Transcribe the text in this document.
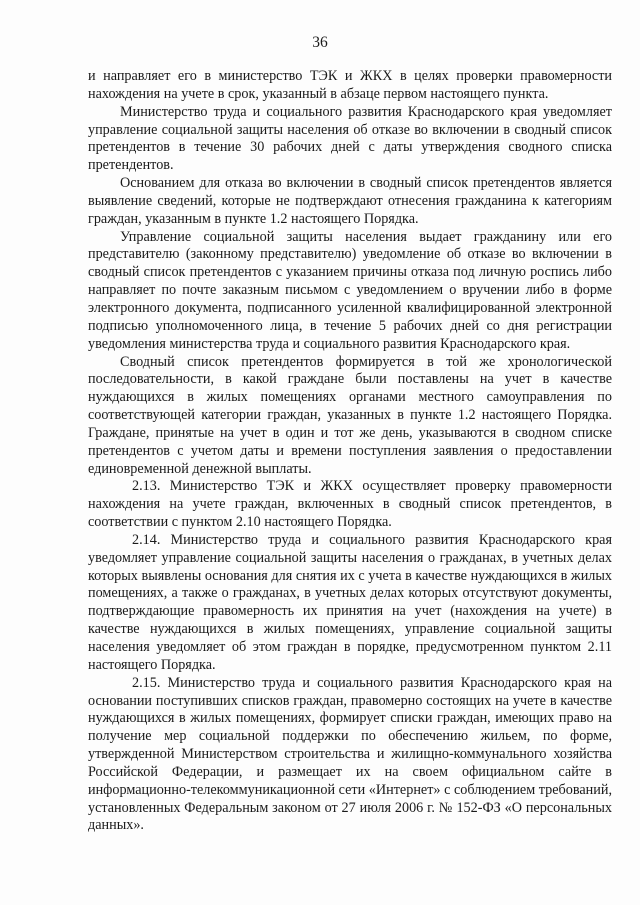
36

и направляет его в министерство ТЭК и ЖКХ в целях проверки правомерности нахождения на учете в срок, указанный в абзаце первом настоящего пункта.

Министерство труда и социального развития Краснодарского края уведомляет управление социальной защиты населения об отказе во включении в сводный список претендентов в течение 30 рабочих дней с даты утверждения сводного списка претендентов.

Основанием для отказа во включении в сводный список претендентов является выявление сведений, которые не подтверждают отнесения гражданина к категориям граждан, указанным в пункте 1.2 настоящего Порядка.

Управление социальной защиты населения выдает гражданину или его представителю (законному представителю) уведомление об отказе во включении в сводный список претендентов с указанием причины отказа под личную роспись либо направляет по почте заказным письмом с уведомлением о вручении либо в форме электронного документа, подписанного усиленной квалифицированной электронной подписью уполномоченного лица, в течение 5 рабочих дней со дня регистрации уведомления министерства труда и социального развития Краснодарского края.

Сводный список претендентов формируется в той же хронологической последовательности, в какой граждане были поставлены на учет в качестве нуждающихся в жилых помещениях органами местного самоуправления по соответствующей категории граждан, указанных в пункте 1.2 настоящего Порядка. Граждане, принятые на учет в один и тот же день, указываются в сводном списке претендентов с учетом даты и времени поступления заявления о предоставлении единовременной денежной выплаты.

2.13. Министерство ТЭК и ЖКХ осуществляет проверку правомерности нахождения на учете граждан, включенных в сводный список претендентов, в соответствии с пунктом 2.10 настоящего Порядка.

2.14. Министерство труда и социального развития Краснодарского края уведомляет управление социальной защиты населения о гражданах, в учетных делах которых выявлены основания для снятия их с учета в качестве нуждающихся в жилых помещениях, а также о гражданах, в учетных делах которых отсутствуют документы, подтверждающие правомерность их принятия на учет (нахождения на учете) в качестве нуждающихся в жилых помещениях, управление социальной защиты населения уведомляет об этом граждан в порядке, предусмотренном пунктом 2.11 настоящего Порядка.

2.15. Министерство труда и социального развития Краснодарского края на основании поступивших списков граждан, правомерно состоящих на учете в качестве нуждающихся в жилых помещениях, формирует списки граждан, имеющих право на получение мер социальной поддержки по обеспечению жильем, по форме, утвержденной Министерством строительства и жилищно-коммунального хозяйства Российской Федерации, и размещает их на своем официальном сайте в информационно-телекоммуникационной сети «Интернет» с соблюдением требований, установленных Федеральным законом от 27 июля 2006 г. № 152-ФЗ «О персональных данных».
